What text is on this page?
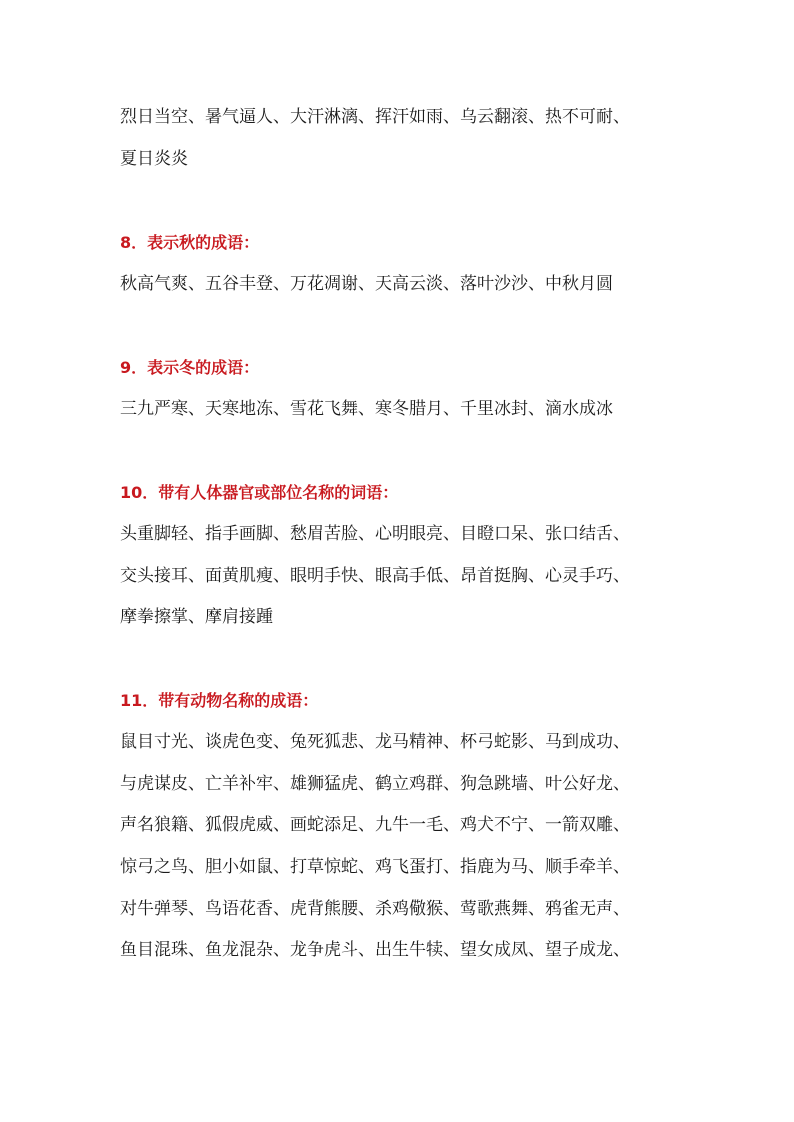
烈日当空、暑气逼人、大汗淋漓、挥汗如雨、乌云翻滚、热不可耐、
夏日炎炎
8．表示秋的成语：
秋高气爽、五谷丰登、万花凋谢、天高云淡、落叶沙沙、中秋月圆
9．表示冬的成语：
三九严寒、天寒地冻、雪花飞舞、寒冬腊月、千里冰封、滴水成冰
10．带有人体器官或部位名称的词语：
头重脚轻、指手画脚、愁眉苦脸、心明眼亮、目瞪口呆、张口结舌、
交头接耳、面黄肌瘦、眼明手快、眼高手低、昂首挺胸、心灵手巧、
摩拳擦掌、摩肩接踵
11．带有动物名称的成语：
鼠目寸光、谈虎色变、兔死狐悲、龙马精神、杯弓蛇影、马到成功、
与虎谋皮、亡羊补牢、雄狮猛虎、鹤立鸡群、狗急跳墙、叶公好龙、
声名狼籍、狐假虎威、画蛇添足、九牛一毛、鸡犬不宁、一箭双雕、
惊弓之鸟、胆小如鼠、打草惊蛇、鸡飞蛋打、指鹿为马、顺手牵羊、
对牛弹琴、鸟语花香、虎背熊腰、杀鸡儆猴、莺歌燕舞、鸦雀无声、
鱼目混珠、鱼龙混杂、龙争虎斗、出生牛犊、望女成凤、望子成龙、
